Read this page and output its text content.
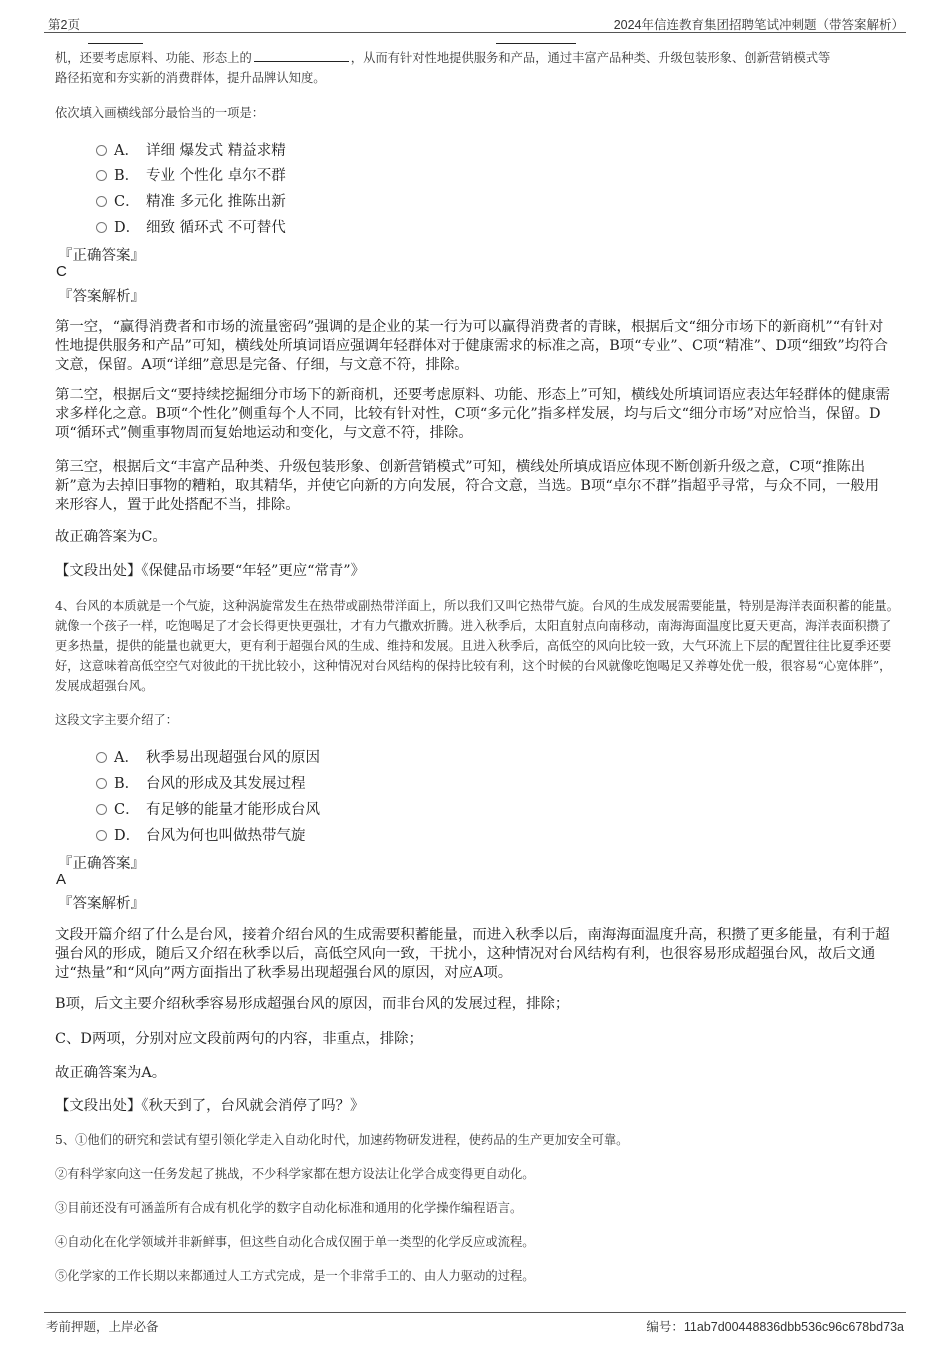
第2页	2024年信连教育集团招聘笔试冲刺题（带答案解析）

机，还要考虑原料、功能、形态上的	，从而有针对性地提供服务和产品，通过丰富产品种类、升级包装形象、创新营销模式等

路径拓宽和夯实新的消费群体，提升品牌认知度。

依次填入画横线部分最恰当的一项是：
A． 详细 爆发式 精益求精
B． 专业 个性化 卓尔不群
C． 精准 多元化 推陈出新
D． 细致 循环式 不可替代
『正确答案』
C
『答案解析』
第一空，“赢得消费者和市场的流量密码”强调的是企业的某一行为可以赢得消费者的青睐，根据后文“细分市场下的新商机”“有针对性地提供服务和产品”可知，横线处所填词语应强调年轻群体对于健康需求的标准之高，B项“专业”、C项“精准”、D项“细致”均符合文意，保留。A项“详细”意思是完备、仔细，与文意不符，排除。
第二空，根据后文“要持续挖掘细分市场下的新商机，还要考虑原料、功能、形态上”可知，横线处所填词语应表达年轻群体的健康需求多样化之意。B项“个性化”侧重每个人不同，比较有针对性，C项“多元化”指多样发展，均与后文“细分市场”对应恰当，保留。D项“循环式”侧重事物周而复始地运动和变化，与文意不符，排除。
第三空，根据后文“丰富产品种类、升级包装形象、创新营销模式”可知，横线处所填成语应体现不断创新升级之意，C项“推陈出新”意为去掉旧事物的糟粕，取其精华，并使它向新的方向发展，符合文意，当选。B项“卓尔不群”指超乎寻常，与众不同，一般用来形容人，置于此处搭配不当，排除。
故正确答案为C。
【文段出处】《保健品市场要“年轻”更应“常青”》
4、台风的本质就是一个气旋，这种涡旋常发生在热带或副热带洋面上，所以我们又叫它热带气旋。台风的生成发展需要能量，特别是海洋表面积蓄的能量。就像一个孩子一样，吃饱喝足了才会长得更快更强壮，才有力气撒欢折腾。进入秋季后，太阳直射点向南移动，南海海面温度比夏天更高，海洋表面积攒了更多热量，提供的能量也就更大，更有利于超强台风的生成、维持和发展。且进入秋季后，高低空的风向比较一致，大气环流上下层的配置往往比夏季还要好，这意味着高低空空气对彼此的干扰比较小，这种情况对台风结构的保持比较有利，这个时候的台风就像吃饱喝足又养尊处优一般，很容易“心宽体胖”，发展成超强台风。
这段文字主要介绍了：
A． 秋季易出现超强台风的原因
B． 台风的形成及其发展过程
C． 有足够的能量才能形成台风
D． 台风为何也叫做热带气旋
『正确答案』
A
『答案解析』
文段开篇介绍了什么是台风，接着介绍台风的生成需要积蓄能量，而进入秋季以后，南海海面温度升高，积攒了更多能量，有利于超强台风的形成，随后又介绍在秋季以后，高低空风向一致，干扰小，这种情况对台风结构有利，也很容易形成超强台风，故后文通过“热量”和“风向”两方面指出了秋季易出现超强台风的原因，对应A项。
B项，后文主要介绍秋季容易形成超强台风的原因，而非台风的发展过程，排除；
C、D两项，分别对应文段前两句的内容，非重点，排除；
故正确答案为A。
【文段出处】《秋天到了，台风就会消停了吗？》
5、①他们的研究和尝试有望引领化学走入自动化时代，加速药物研发进程，使药品的生产更加安全可靠。
②有科学家向这一任务发起了挑战，不少科学家都在想方设法让化学合成变得更自动化。
③目前还没有可涵盖所有合成有机化学的数字自动化标准和通用的化学操作编程语言。
④自动化在化学领域并非新鲜事，但这些自动化合成仅囿于单一类型的化学反应或流程。
⑤化学家的工作长期以来都通过人工方式完成，是一个非常手工的、由人力驱动的过程。
考前押题，上岸必备	编号：11ab7d00448836dbb536c96c678bd73a
